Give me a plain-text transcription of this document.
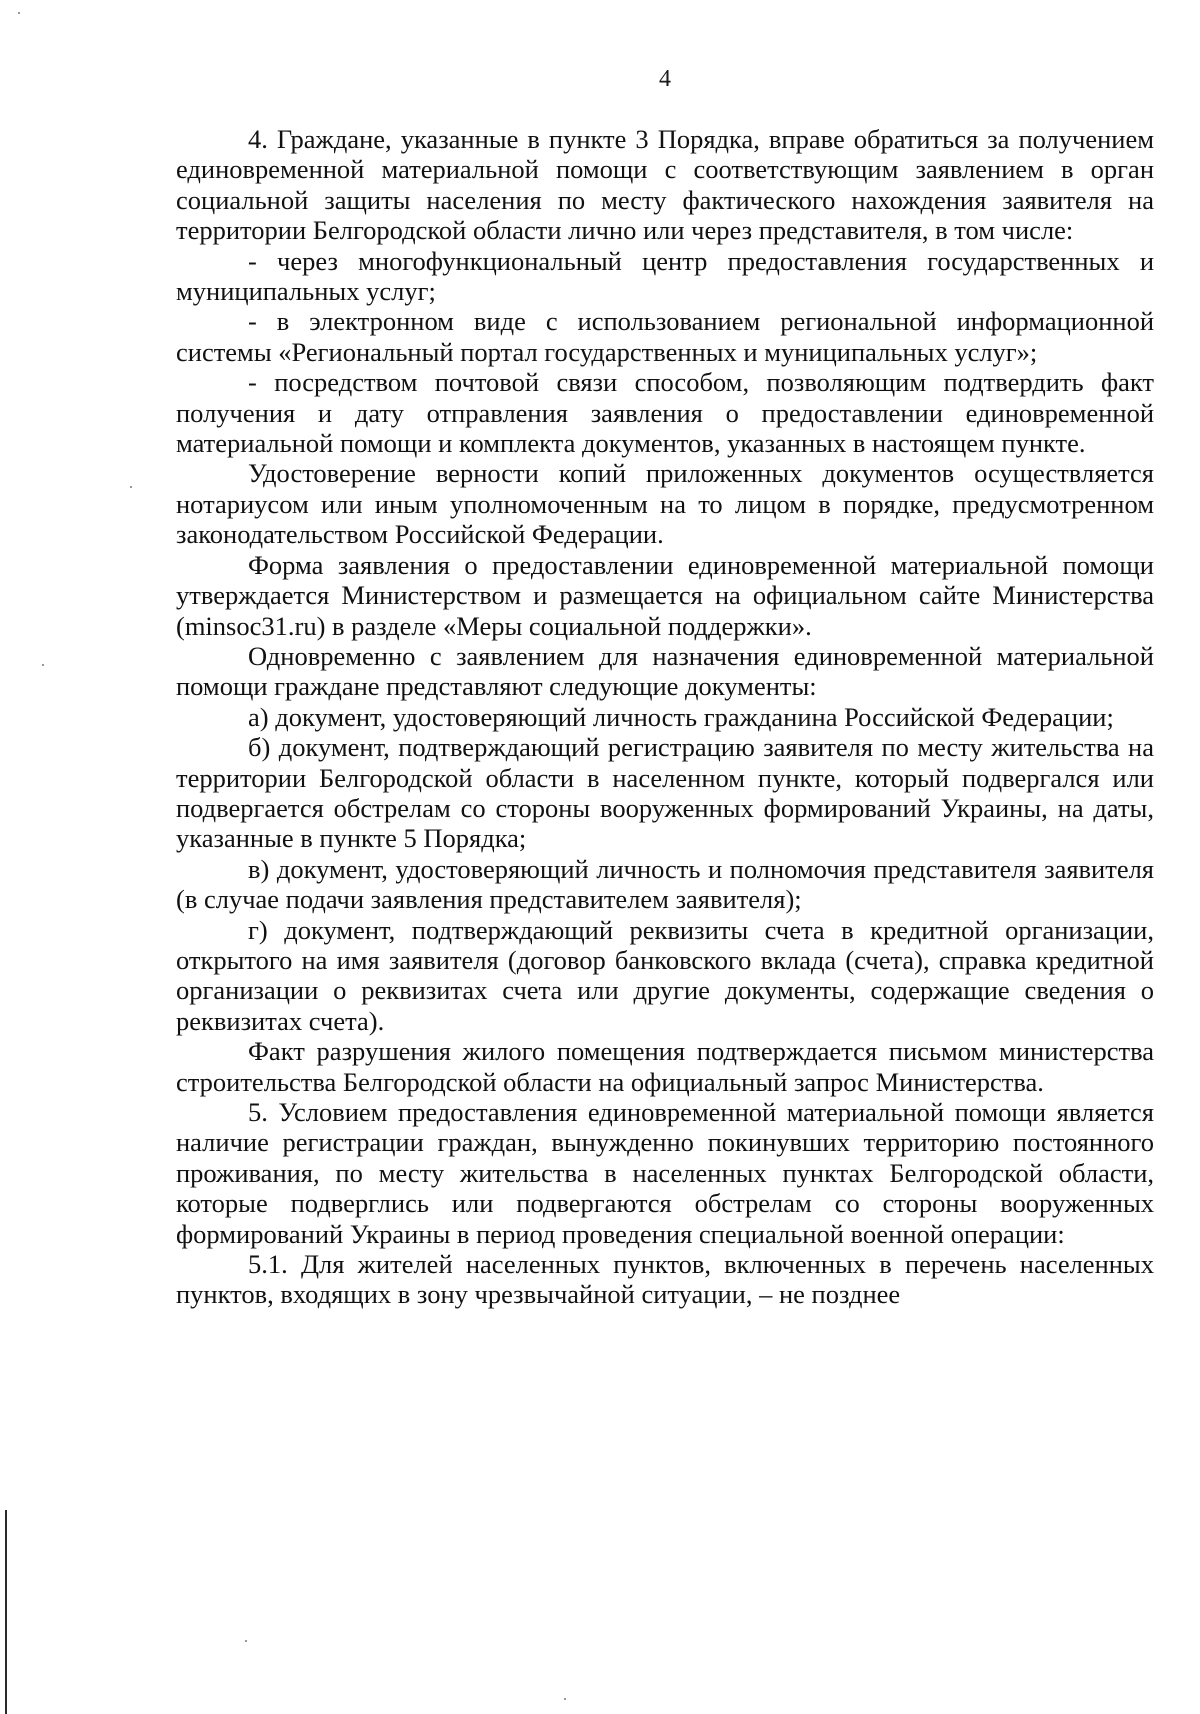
4

4. Граждане, указанные в пункте 3 Порядка, вправе обратиться за получением единовременной материальной помощи с соответствующим заявлением в орган социальной защиты населения по месту фактического нахождения заявителя на территории Белгородской области лично или через представителя, в том числе:

- через многофункциональный центр предоставления государственных и муниципальных услуг;

- в электронном виде с использованием региональной информационной системы «Региональный портал государственных и муниципальных услуг»;

- посредством почтовой связи способом, позволяющим подтвердить факт получения и дату отправления заявления о предоставлении единовременной материальной помощи и комплекта документов, указанных в настоящем пункте.

Удостоверение верности копий приложенных документов осуществляется нотариусом или иным уполномоченным на то лицом в порядке, предусмотренном законодательством Российской Федерации.

Форма заявления о предоставлении единовременной материальной помощи утверждается Министерством и размещается на официальном сайте Министерства (minsoc31.ru) в разделе «Меры социальной поддержки».

Одновременно с заявлением для назначения единовременной материальной помощи граждане представляют следующие документы:

а) документ, удостоверяющий личность гражданина Российской Федерации;

б) документ, подтверждающий регистрацию заявителя по месту жительства на территории Белгородской области в населенном пункте, который подвергался или подвергается обстрелам со стороны вооруженных формирований Украины, на даты, указанные в пункте 5 Порядка;

в) документ, удостоверяющий личность и полномочия представителя заявителя (в случае подачи заявления представителем заявителя);

г) документ, подтверждающий реквизиты счета в кредитной организации, открытого на имя заявителя (договор банковского вклада (счета), справка кредитной организации о реквизитах счета или другие документы, содержащие сведения о реквизитах счета).

Факт разрушения жилого помещения подтверждается письмом министерства строительства Белгородской области на официальный запрос Министерства.

5. Условием предоставления единовременной материальной помощи является наличие регистрации граждан, вынужденно покинувших территорию постоянного проживания, по месту жительства в населенных пунктах Белгородской области, которые подверглись или подвергаются обстрелам со стороны вооруженных формирований Украины в период проведения специальной военной операции:

5.1. Для жителей населенных пунктов, включенных в перечень населенных пунктов, входящих в зону чрезвычайной ситуации, – не позднее
